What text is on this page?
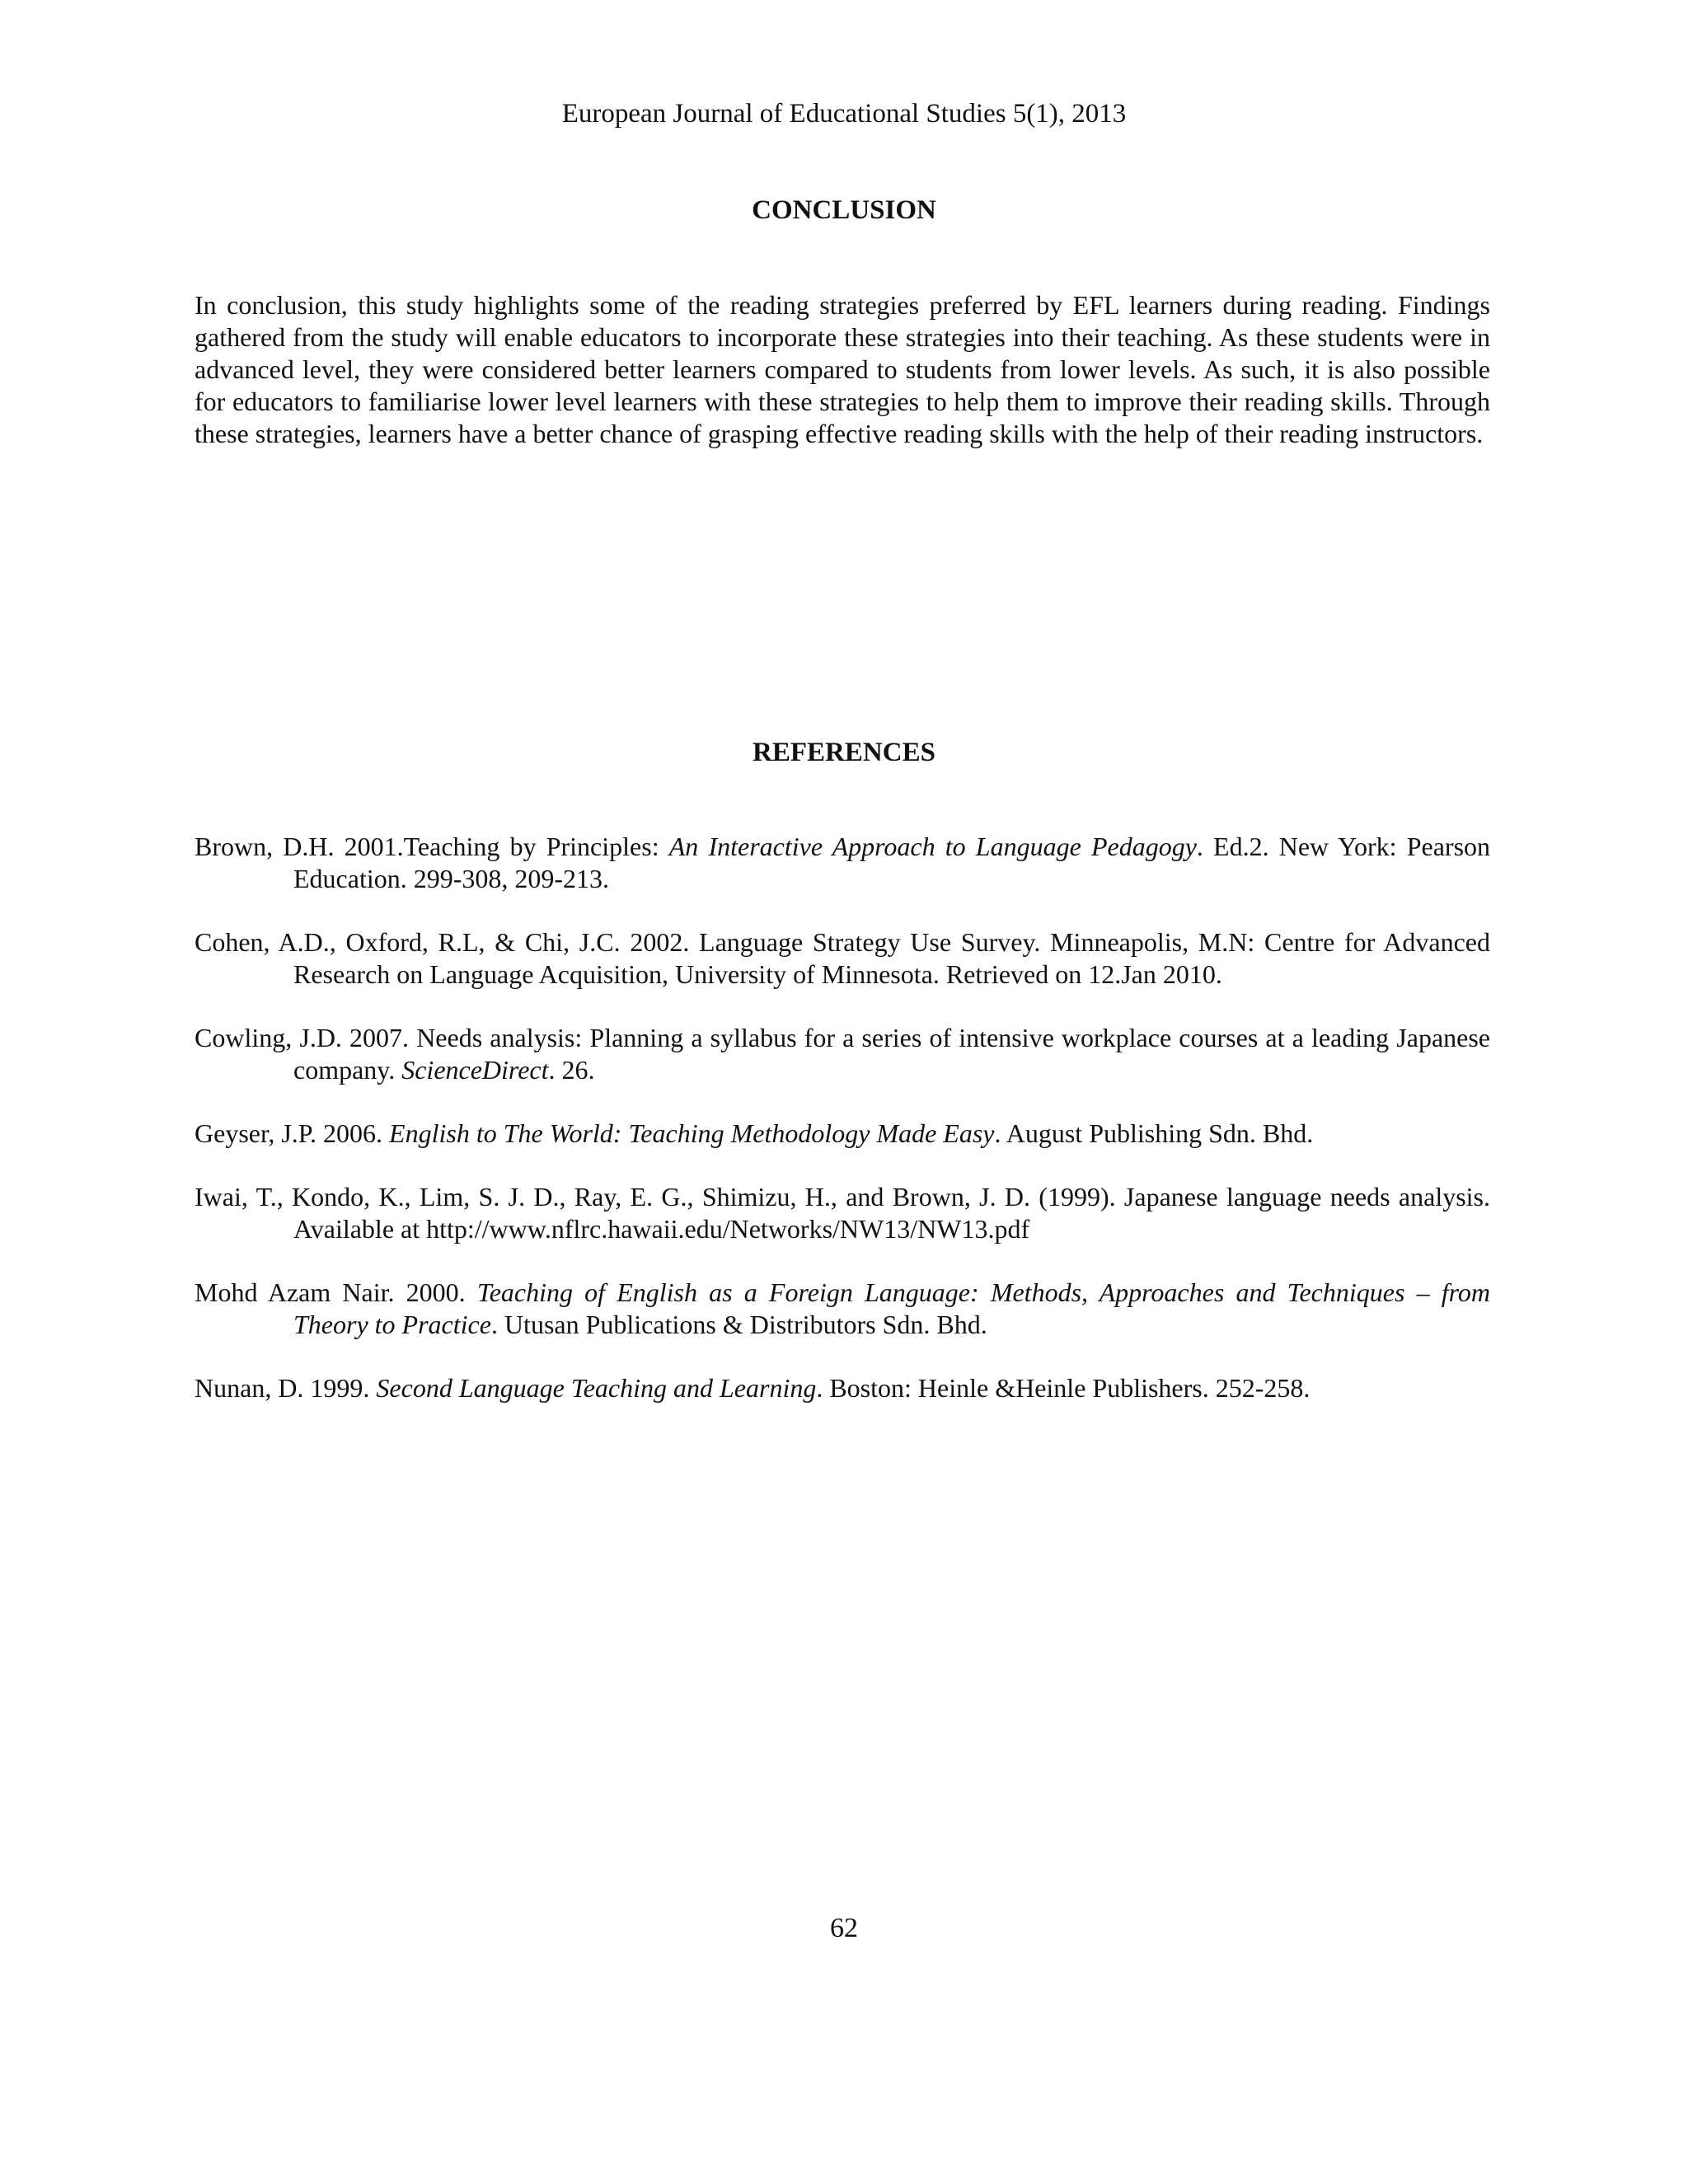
European Journal of Educational Studies 5(1), 2013
CONCLUSION

In conclusion, this study highlights some of the reading strategies preferred by EFL learners during reading. Findings gathered from the study will enable educators to incorporate these strategies into their teaching. As these students were in advanced level, they were considered better learners compared to students from lower levels. As such, it is also possible for educators to familiarise lower level learners with these strategies to help them to improve their reading skills. Through these strategies, learners have a better chance of grasping effective reading skills with the help of their reading instructors.

REFERENCES
Brown, D.H. 2001.Teaching by Principles: An Interactive Approach to Language Pedagogy. Ed.2. New York: Pearson Education. 299-308, 209-213.
Cohen, A.D., Oxford, R.L, & Chi, J.C. 2002. Language Strategy Use Survey. Minneapolis, M.N: Centre for Advanced Research on Language Acquisition, University of Minnesota. Retrieved on 12.Jan 2010.
Cowling, J.D. 2007. Needs analysis: Planning a syllabus for a series of intensive workplace courses at a leading Japanese company. ScienceDirect. 26.
Geyser, J.P. 2006. English to The World: Teaching Methodology Made Easy. August Publishing Sdn. Bhd.
Iwai, T., Kondo, K., Lim, S. J. D., Ray, E. G., Shimizu, H., and Brown, J. D. (1999). Japanese language needs analysis. Available at http://www.nflrc.hawaii.edu/Networks/NW13/NW13.pdf
Mohd Azam Nair. 2000. Teaching of English as a Foreign Language: Methods, Approaches and Techniques – from Theory to Practice. Utusan Publications & Distributors Sdn. Bhd.
Nunan, D. 1999. Second Language Teaching and Learning. Boston: Heinle &Heinle Publishers. 252-258.
62
